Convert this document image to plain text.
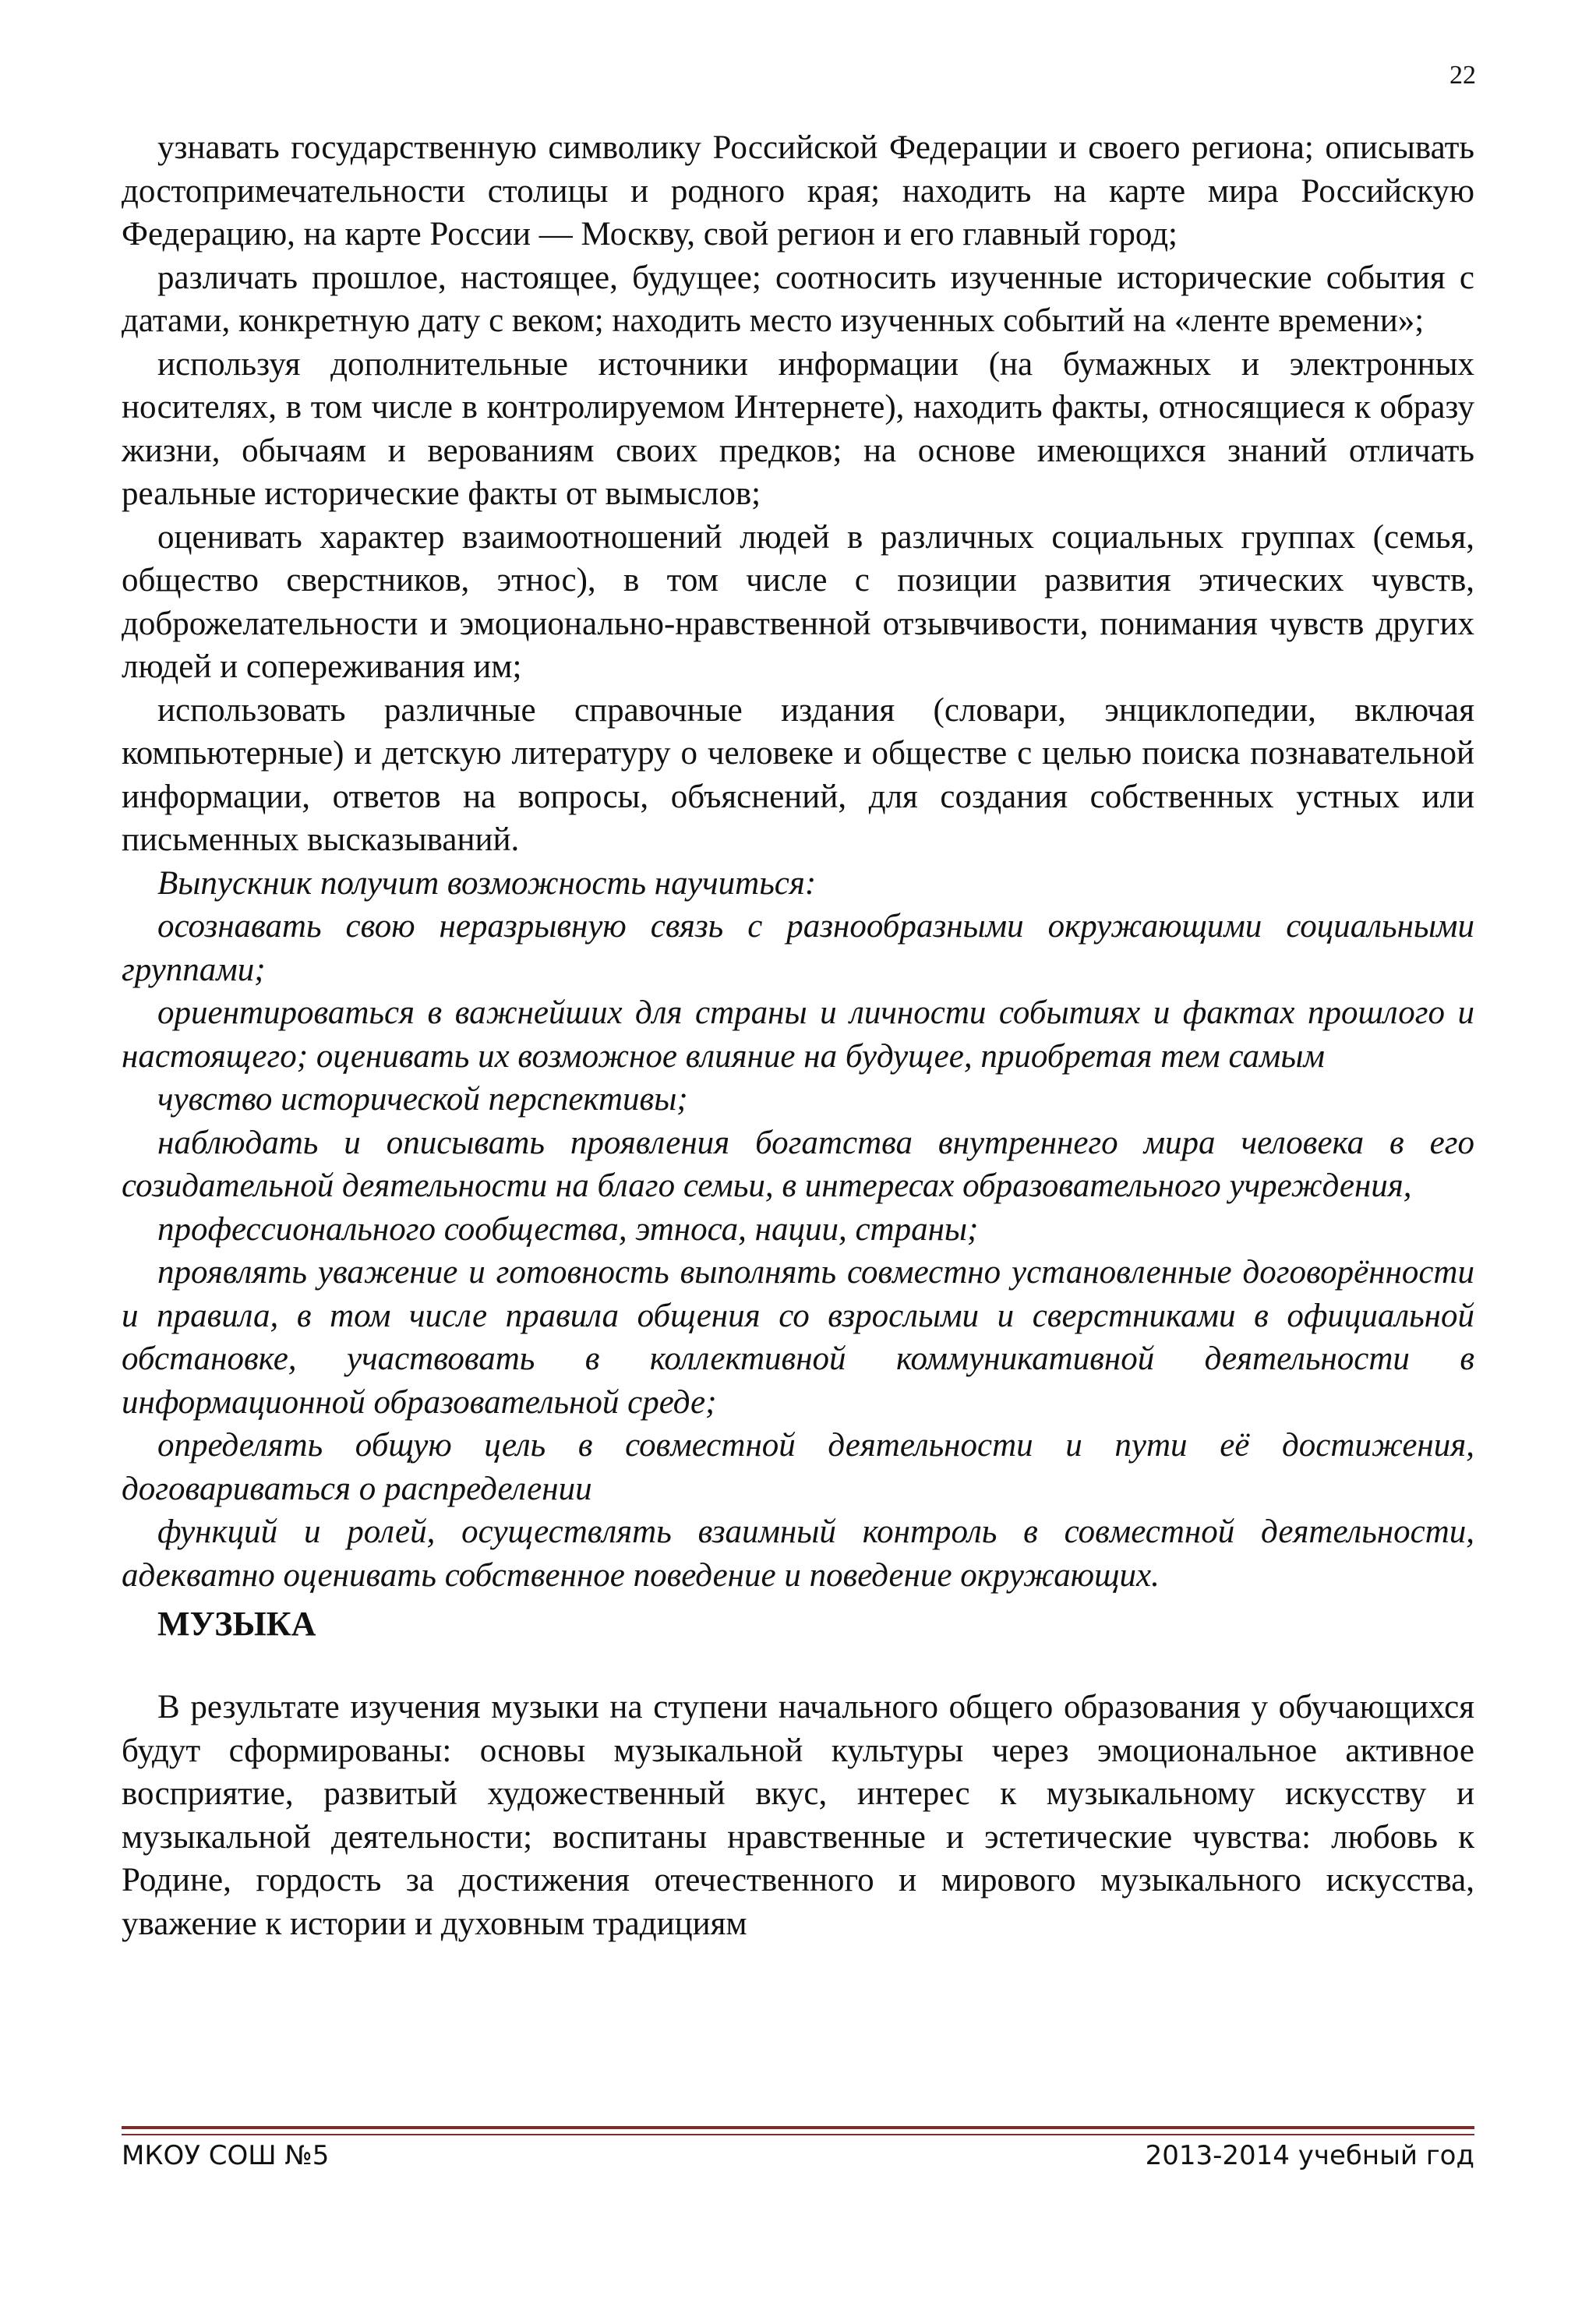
22

узнавать государственную символику Российской Федерации и своего региона; описывать достопримечательности столицы и родного края; находить на карте мира Российскую Федерацию, на карте России — Москву, свой регион и его главный город;

различать прошлое, настоящее, будущее; соотносить изученные исторические события с датами, конкретную дату с веком; находить место изученных событий на «ленте времени»;

используя дополнительные источники информации (на бумажных и электронных носителях, в том числе в контролируемом Интернете), находить факты, относящиеся к образу жизни, обычаям и верованиям своих предков; на основе имеющихся знаний отличать реальные исторические факты от вымыслов;

оценивать характер взаимоотношений людей в различных социальных группах (семья, общество сверстников, этнос), в том числе с позиции развития этических чувств, доброжелательности и эмоционально-нравственной отзывчивости, понимания чувств других людей и сопереживания им;

использовать различные справочные издания (словари, энциклопедии, включая компьютерные) и детскую литературу о человеке и обществе с целью поиска познавательной информации, ответов на вопросы, объяснений, для создания собственных устных или письменных высказываний.

Выпускник получит возможность научиться:

осознавать свою неразрывную связь с разнообразными окружающими социальными группами;

ориентироваться в важнейших для страны и личности событиях и фактах прошлого и настоящего; оценивать их возможное влияние на будущее, приобретая тем самым

чувство исторической перспективы;

наблюдать и описывать проявления богатства внутреннего мира человека в его созидательной деятельности на благо семьи, в интересах образовательного учреждения,

профессионального сообщества, этноса, нации, страны;

проявлять уважение и готовность выполнять совместно установленные договорённости и правила, в том числе правила общения со взрослыми и сверстниками в официальной обстановке, участвовать в коллективной коммуникативной деятельности в информационной образовательной среде;

определять общую цель в совместной деятельности и пути её достижения, договариваться о распределении

функций и ролей, осуществлять взаимный контроль в совместной деятельности, адекватно оценивать собственное поведение и поведение окружающих.

МУЗЫКА

В результате изучения музыки на ступени начального общего образования у обучающихся будут сформированы: основы музыкальной культуры через эмоциональное активное восприятие, развитый художественный вкус, интерес к музыкальному искусству и музыкальной деятельности; воспитаны нравственные и эстетические чувства: любовь к Родине, гордость за достижения отечественного и мирового музыкального искусства, уважение к истории и духовным традициям

МКОУ СОШ №5	2013-2014 учебный год
